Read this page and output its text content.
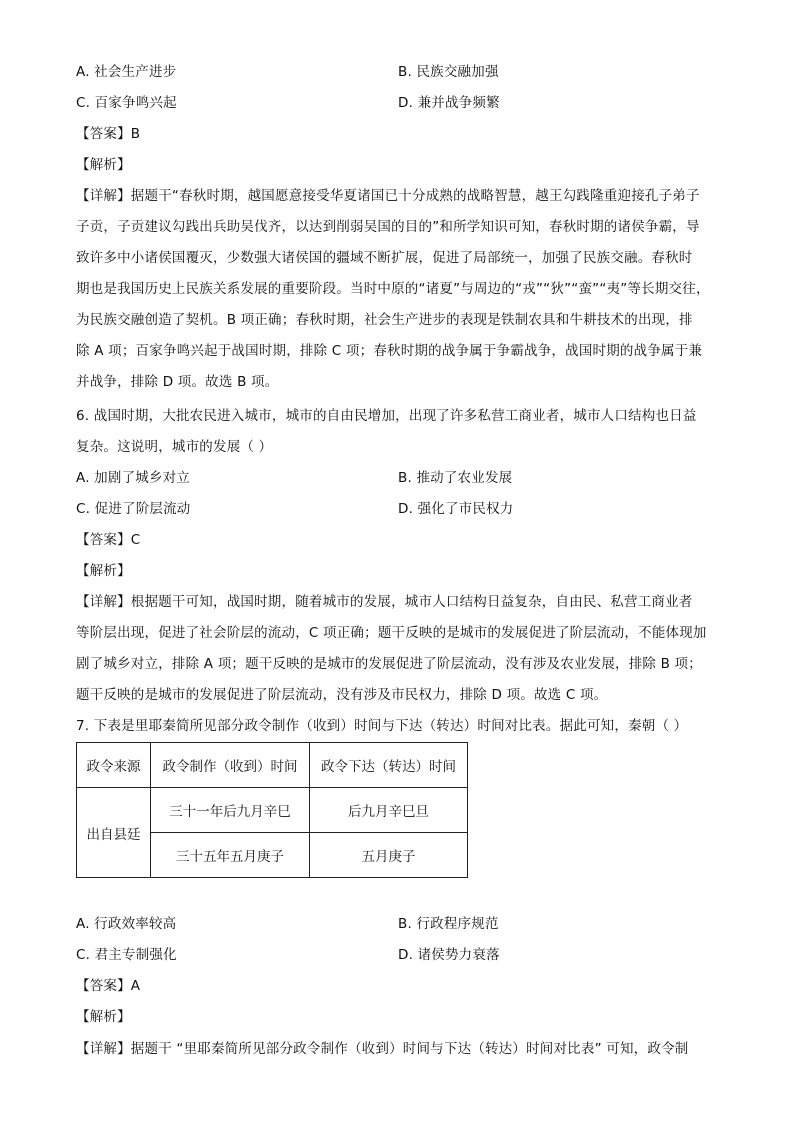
A. 社会生产进步	B. 民族交融加强
C. 百家争鸣兴起	D. 兼并战争频繁
【答案】B
【解析】
【详解】据题干“春秋时期，越国愿意接受华夏诸国已十分成熟的战略智慧，越王勾践隆重迎接孔子弟子
子贡，子贡建议勾践出兵助吴伐齐，以达到削弱吴国的目的”和所学知识可知，春秋时期的诸侯争霸，导
致许多中小诸侯国覆灭，少数强大诸侯国的疆域不断扩展，促进了局部统一，加强了民族交融。春秋时
期也是我国历史上民族关系发展的重要阶段。当时中原的“诸夏”与周边的“戎”“狄”“蛮”“夷”等长期交往，
为民族交融创造了契机。B 项正确；春秋时期，社会生产进步的表现是铁制农具和牛耕技术的出现，排
除 A 项；百家争鸣兴起于战国时期，排除 C 项；春秋时期的战争属于争霸战争，战国时期的战争属于兼
并战争，排除 D 项。故选 B 项。
6. 战国时期，大批农民进入城市，城市的自由民增加，出现了许多私营工商业者，城市人口结构也日益
复杂。这说明，城市的发展（ ）
A. 加剧了城乡对立	B. 推动了农业发展
C. 促进了阶层流动	D. 强化了市民权力
【答案】C
【解析】
【详解】根据题干可知，战国时期，随着城市的发展，城市人口结构日益复杂，自由民、私营工商业者
等阶层出现，促进了社会阶层的流动，C 项正确；题干反映的是城市的发展促进了阶层流动，不能体现加
剧了城乡对立，排除 A 项；题干反映的是城市的发展促进了阶层流动，没有涉及农业发展，排除 B 项；
题干反映的是城市的发展促进了阶层流动，没有涉及市民权力，排除 D 项。故选 C 项。
7. 下表是里耶秦简所见部分政令制作（收到）时间与下达（转达）时间对比表。据此可知，秦朝（ ）
政令来源	政令制作（收到）时间	政令下达（转达）时间
出自县廷	三十一年后九月辛巳	后九月辛巳旦
	三十五年五月庚子	五月庚子
A. 行政效率较高	B. 行政程序规范
C. 君主专制强化	D. 诸侯势力衰落
【答案】A
【解析】
【详解】据题干 “里耶秦简所见部分政令制作（收到）时间与下达（转达）时间对比表” 可知，政令制
